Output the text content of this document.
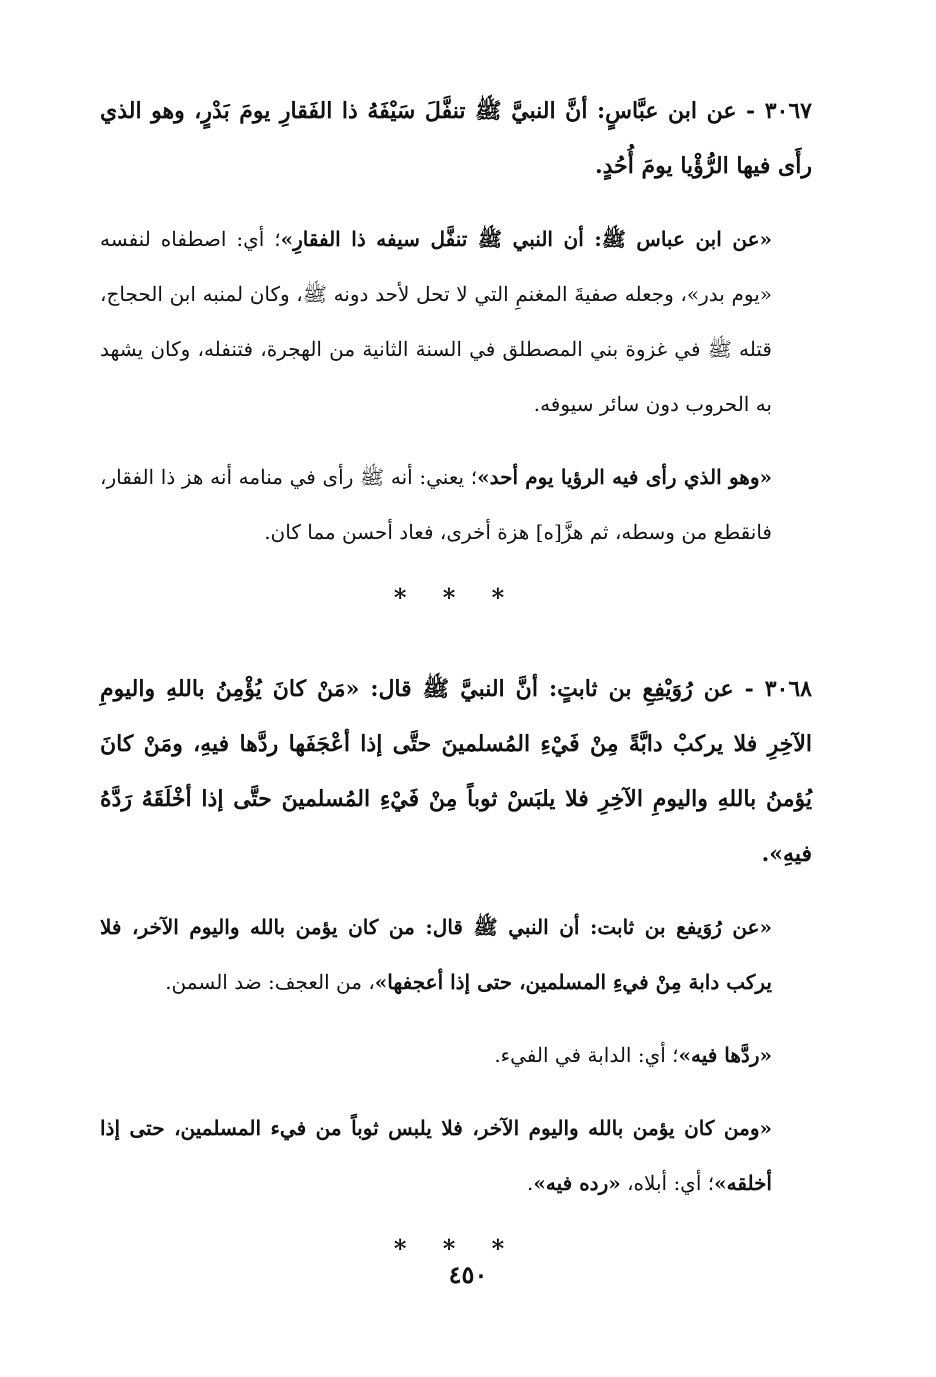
٣٠٦٧ - عن ابن عبَّاسٍ: أنَّ النبيَّ ﷺ تنفَّلَ سَيْفَهُ ذا الفَقارِ يومَ بَدْرٍ، وهو الذي رأَى فيها الرُّؤْيا يومَ أُحُدٍ.

«عن ابن عباس ﷺ: أن النبي ﷺ تنفَّل سيفه ذا الفقارِ»؛ أي: اصطفاه لنفسه «يوم بدر»، وجعله صفيةَ المغنمِ التي لا تحل لأحد دونه ﷺ، وكان لمنبه ابن الحجاج، قتله ﷺ في غزوة بني المصطلق في السنة الثانية من الهجرة، فتنفله، وكان يشهد به الحروب دون سائر سيوفه.

«وهو الذي رأى فيه الرؤيا يوم أحد»؛ يعني: أنه ﷺ رأى في منامه أنه هز ذا الفقار، فانقطع من وسطه، ثم هزَّ[ه] هزة أخرى، فعاد أحسن مما كان.

* * *

٣٠٦٨ - عن رُوَيْفِعِ بن ثابتٍ: أنَّ النبيَّ ﷺ قال: «مَنْ كانَ يُؤْمِنُ باللهِ واليومِ الآخِرِ فلا يركبْ دابَّةً مِنْ فَيْءِ المُسلمينَ حتَّى إذا أعْجَفَها ردَّها فيهِ، ومَنْ كانَ يُؤمنُ باللهِ واليومِ الآخِرِ فلا يلبَسْ ثوباً مِنْ فَيْءِ المُسلمينَ حتَّى إذا أخْلَقَهُ رَدَّهُ فيهِ».

«عن رُوَيفع بن ثابت: أن النبي ﷺ قال: من كان يؤمن بالله واليوم الآخر، فلا يركب دابة مِنْ فيءِ المسلمين، حتى إذا أعجفها»، من العجف: ضد السمن.

«ردَّها فيه»؛ أي: الدابة في الفيء.

«ومن كان يؤمن بالله واليوم الآخر، فلا يلبس ثوباً من فيء المسلمين، حتى إذا أخلقه»؛ أي: أبلاه، «رده فيه».

* * *
٤٥٠
